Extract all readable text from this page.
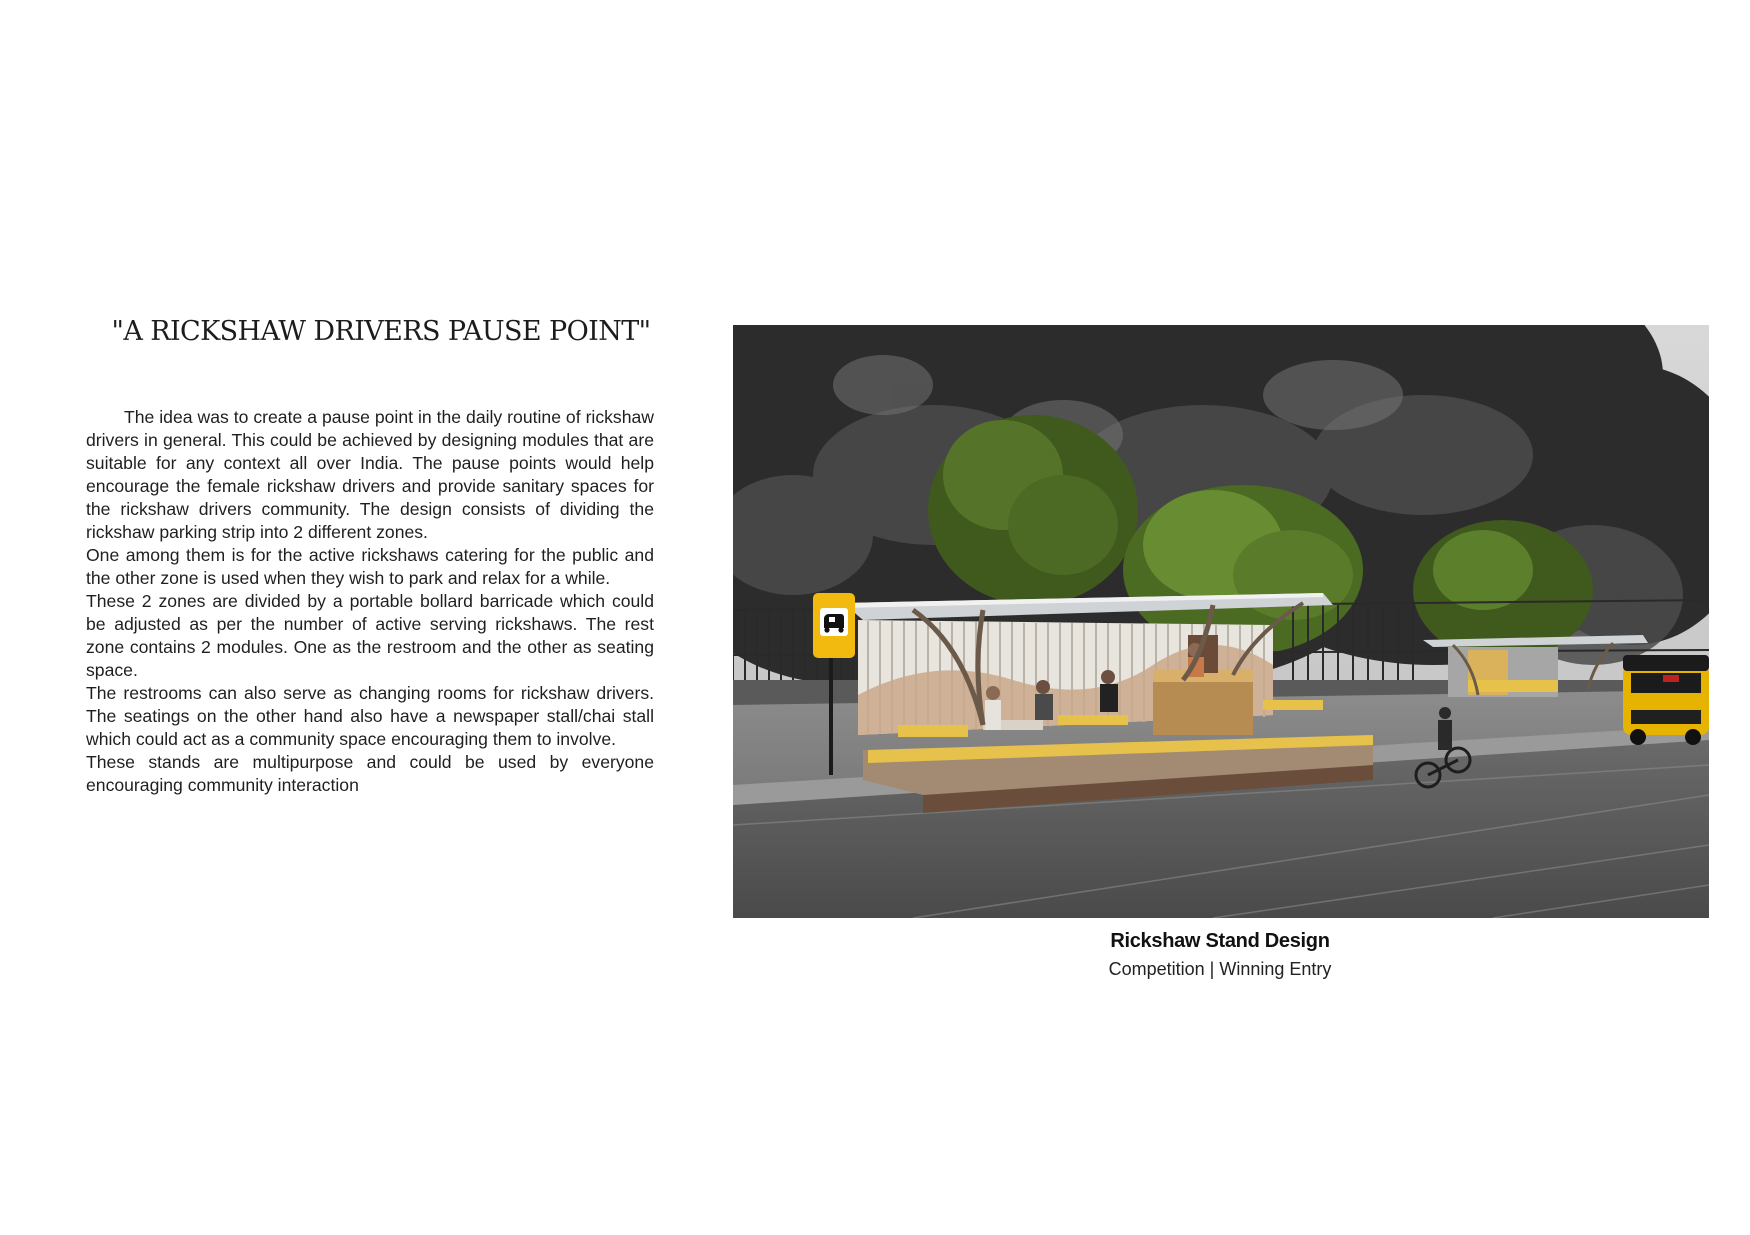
"A RICKSHAW DRIVERS PAUSE POINT"

The idea was to create a pause point in the daily routine of rickshaw drivers in general. This could be achieved by designing modules that are suitable for any context all over India. The pause points would help encourage the female rickshaw drivers and provide sanitary spaces for the rickshaw drivers community. The design consists of dividing the rickshaw parking strip into 2 different zones.

One among them is for the active rickshaws catering for the public and the other zone is used when they wish to park and relax for a while.

These 2 zones are divided by a portable bollard barricade which could be adjusted as per the number of active serving rickshaws. The rest zone contains 2 modules. One as the restroom and the other as seating space.

The restrooms can also serve as changing rooms for rickshaw drivers. The seatings on the other hand also have a newspaper stall/chai stall which could act as a community space encouraging them to involve.

These stands are multipurpose and could be used by everyone encouraging community interaction

Rickshaw Stand Design

Competition | Winning Entry
